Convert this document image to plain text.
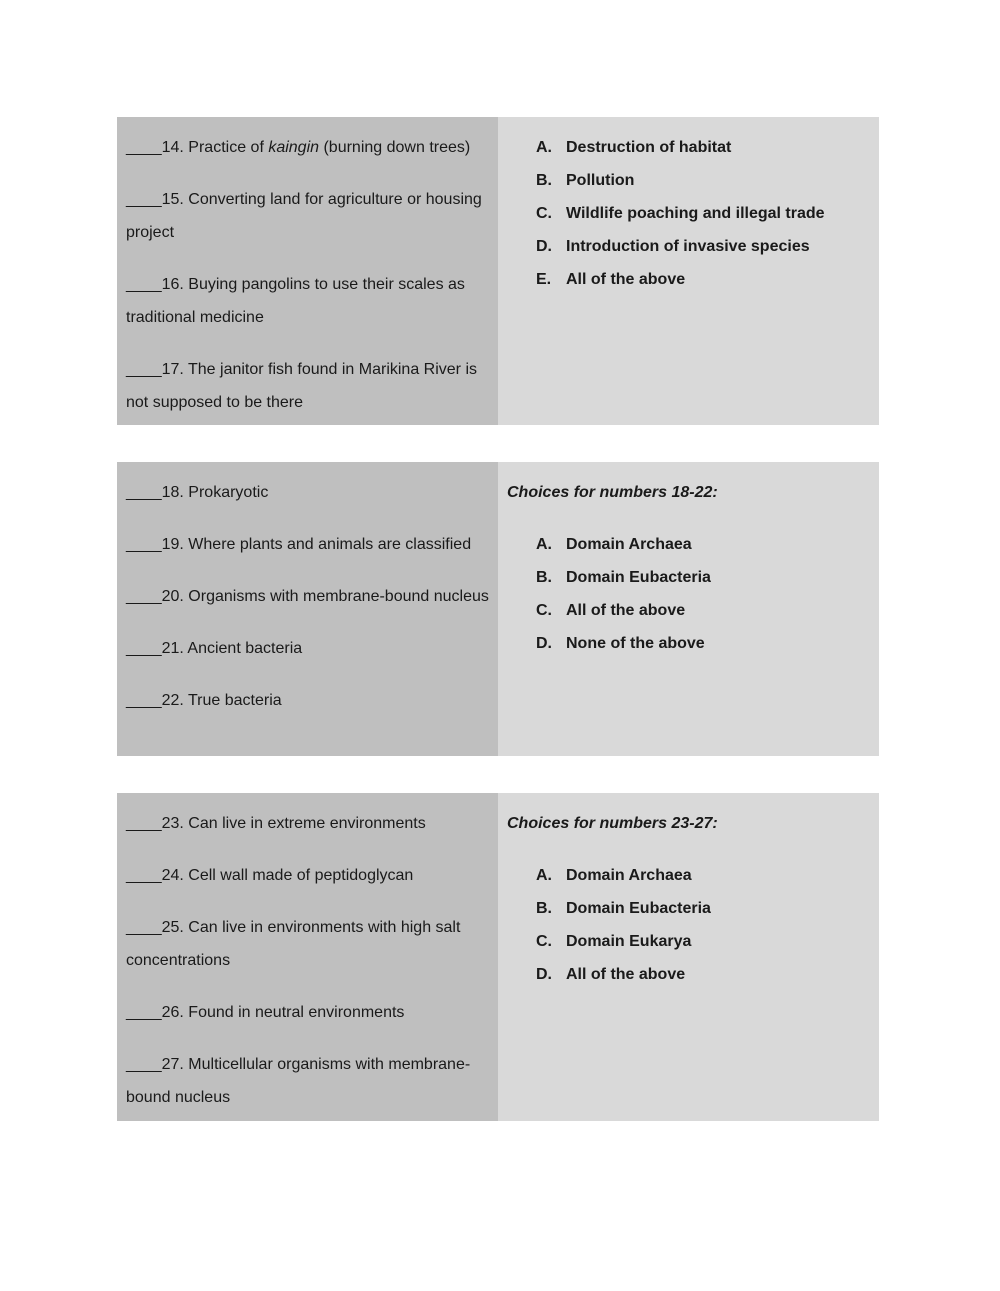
____14. Practice of kaingin (burning down trees)
____15. Converting land for agriculture or housing project
____16. Buying pangolins to use their scales as traditional medicine
____17. The janitor fish found in Marikina River is not supposed to be there
A. Destruction of habitat
B. Pollution
C. Wildlife poaching and illegal trade
D. Introduction of invasive species
E. All of the above
____18. Prokaryotic
____19. Where plants and animals are classified
____20. Organisms with membrane-bound nucleus
____21. Ancient bacteria
____22. True bacteria
Choices for numbers 18-22:
A. Domain Archaea
B. Domain Eubacteria
C. All of the above
D. None of the above
____23. Can live in extreme environments
____24. Cell wall made of peptidoglycan
____25. Can live in environments with high salt concentrations
____26. Found in neutral environments
____27. Multicellular organisms with membrane-bound nucleus
Choices for numbers 23-27:
A. Domain Archaea
B. Domain Eubacteria
C. Domain Eukarya
D. All of the above
